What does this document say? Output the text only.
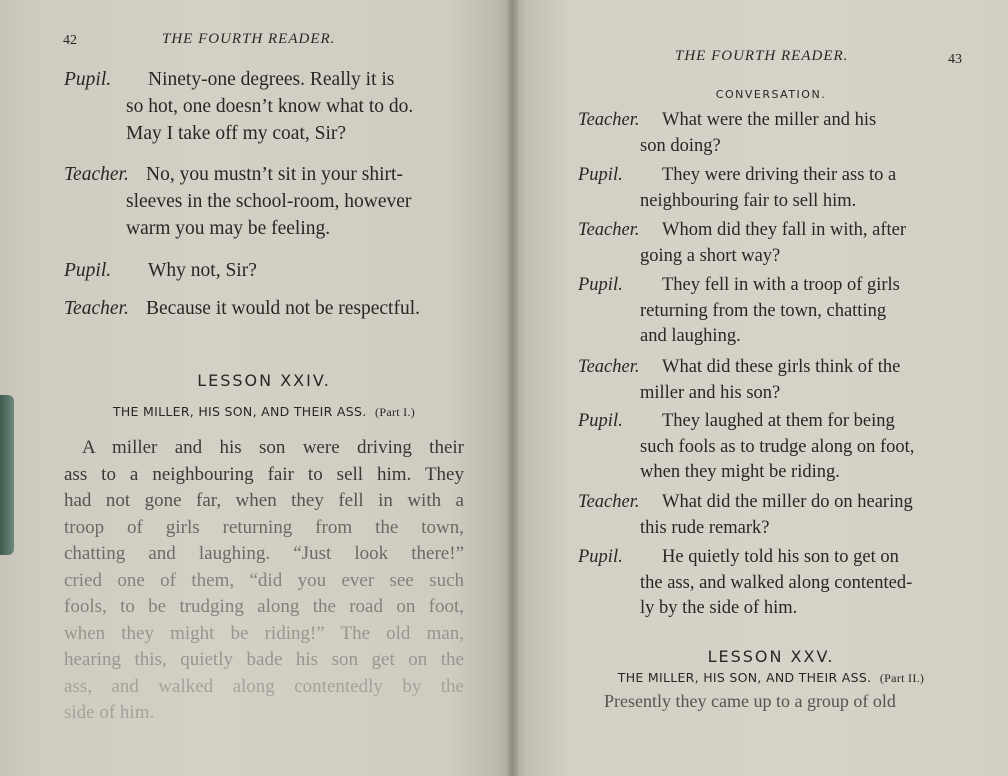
42	THE FOURTH READER.
Pupil. Ninety-one degrees. Really it is
so hot, one doesn’t know what to do.
May I take off my coat, Sir?
Teacher. No, you mustn’t sit in your shirt-
sleeves in the school-room, however
warm you may be feeling.
Pupil. Why not, Sir?
Teacher. Because it would not be respectful.
LESSON XXIV.
THE MILLER, HIS SON, AND THEIR ASS. (Part I.)
A miller and his son were driving their
ass to a neighbouring fair to sell him. They
had not gone far, when they fell in with a
troop of girls returning from the town,
chatting and laughing. “Just look there!”
cried one of them, “did you ever see such
fools, to be trudging along the road on foot,
when they might be riding!” The old man,
hearing this, quietly bade his son get on the
ass, and walked along contentedly by the
side of him.
THE FOURTH READER.	43
CONVERSATION.
Teacher. What were the miller and his
son doing?
Pupil. They were driving their ass to a
neighbouring fair to sell him.
Teacher. Whom did they fall in with, after
going a short way?
Pupil. They fell in with a troop of girls
returning from the town, chatting
and laughing.
Teacher. What did these girls think of the
miller and his son?
Pupil. They laughed at them for being
such fools as to trudge along on foot,
when they might be riding.
Teacher. What did the miller do on hearing
this rude remark?
Pupil. He quietly told his son to get on
the ass, and walked along contented-
ly by the side of him.
LESSON XXV.
THE MILLER, HIS SON, AND THEIR ASS. (Part II.)
Presently they came up to a group of old
